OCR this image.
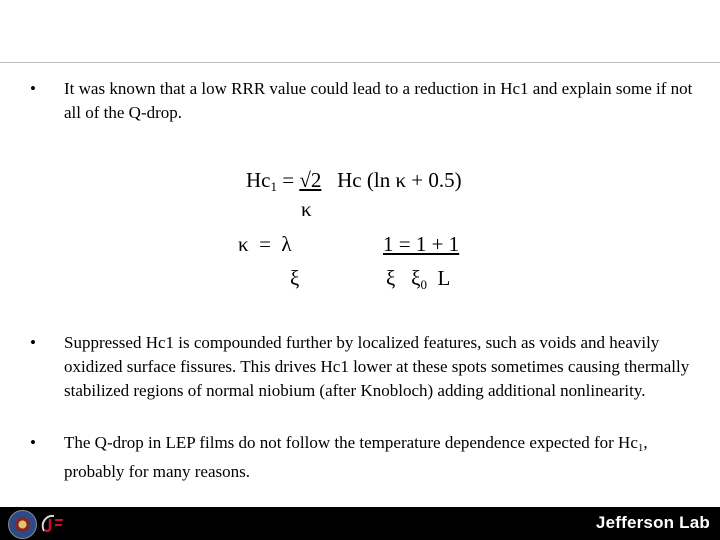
• It was known that a low RRR value could lead to a reduction in Hc1 and explain some if not all of the Q-drop.
$Hc_1 = √2$   Hc (ln κ + 0.5)
κ
κ  =  λ
ξ
1 = 1 + 1
ξ   $\xi_0$  L
• Suppressed Hc1 is compounded further by localized features, such as voids and heavily oxidized surface fissures. This drives Hc1 lower at these spots sometimes causing thermally stabilized regions of normal niobium (after Knobloch) adding additional nonlinearity.
• The Q-drop in LEP films do not follow the temperature dependence expected for $Hc_1$, probably for many reasons.
Jefferson Lab
